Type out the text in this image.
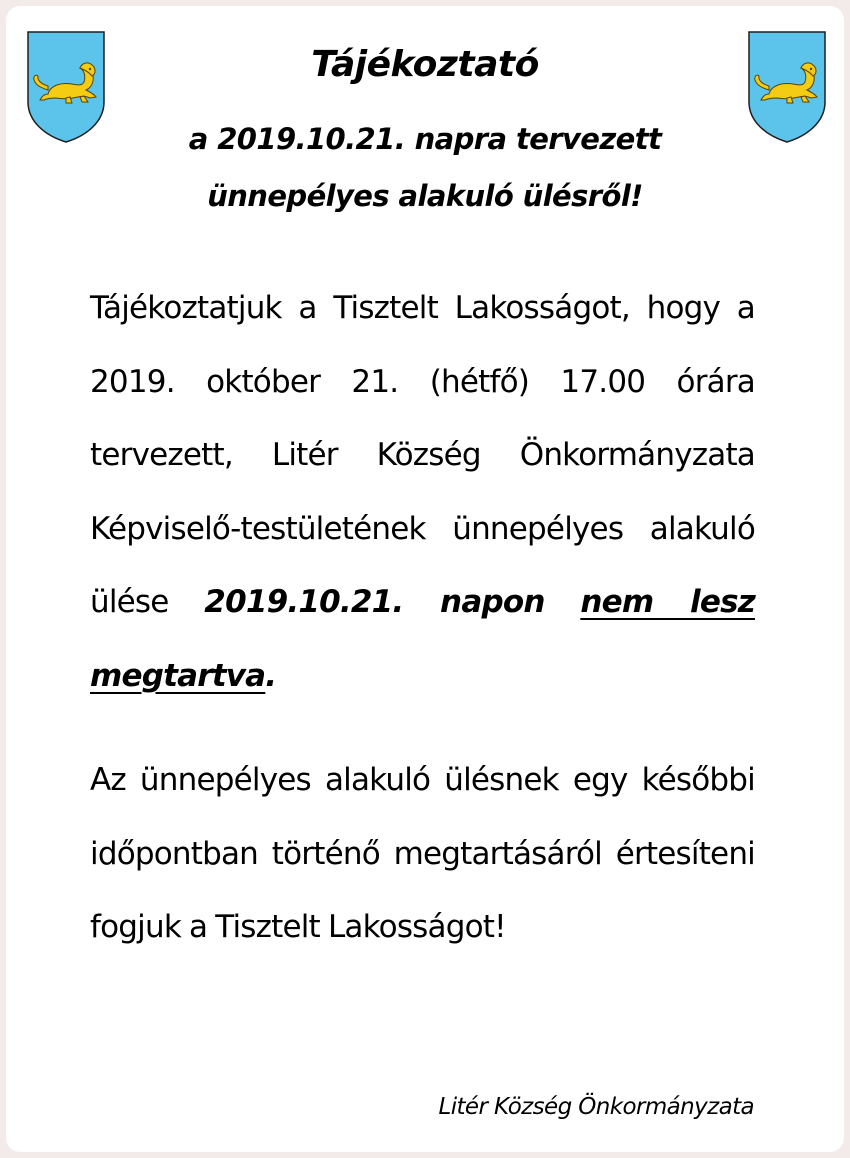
Tájékoztató
a 2019.10.21. napra tervezett
ünnepélyes alakuló ülésről!
Tájékoztatjuk a Tisztelt Lakosságot, hogy a 2019. október 21. (hétfő) 17.00 órára tervezett, Litér Község Önkormányzata Képviselő-testületének ünnepélyes alakuló ülése 2019.10.21. napon nem lesz megtartva.
Az ünnepélyes alakuló ülésnek egy későbbi időpontban történő megtartásáról értesíteni fogjuk a Tisztelt Lakosságot!
Litér Község Önkormányzata
